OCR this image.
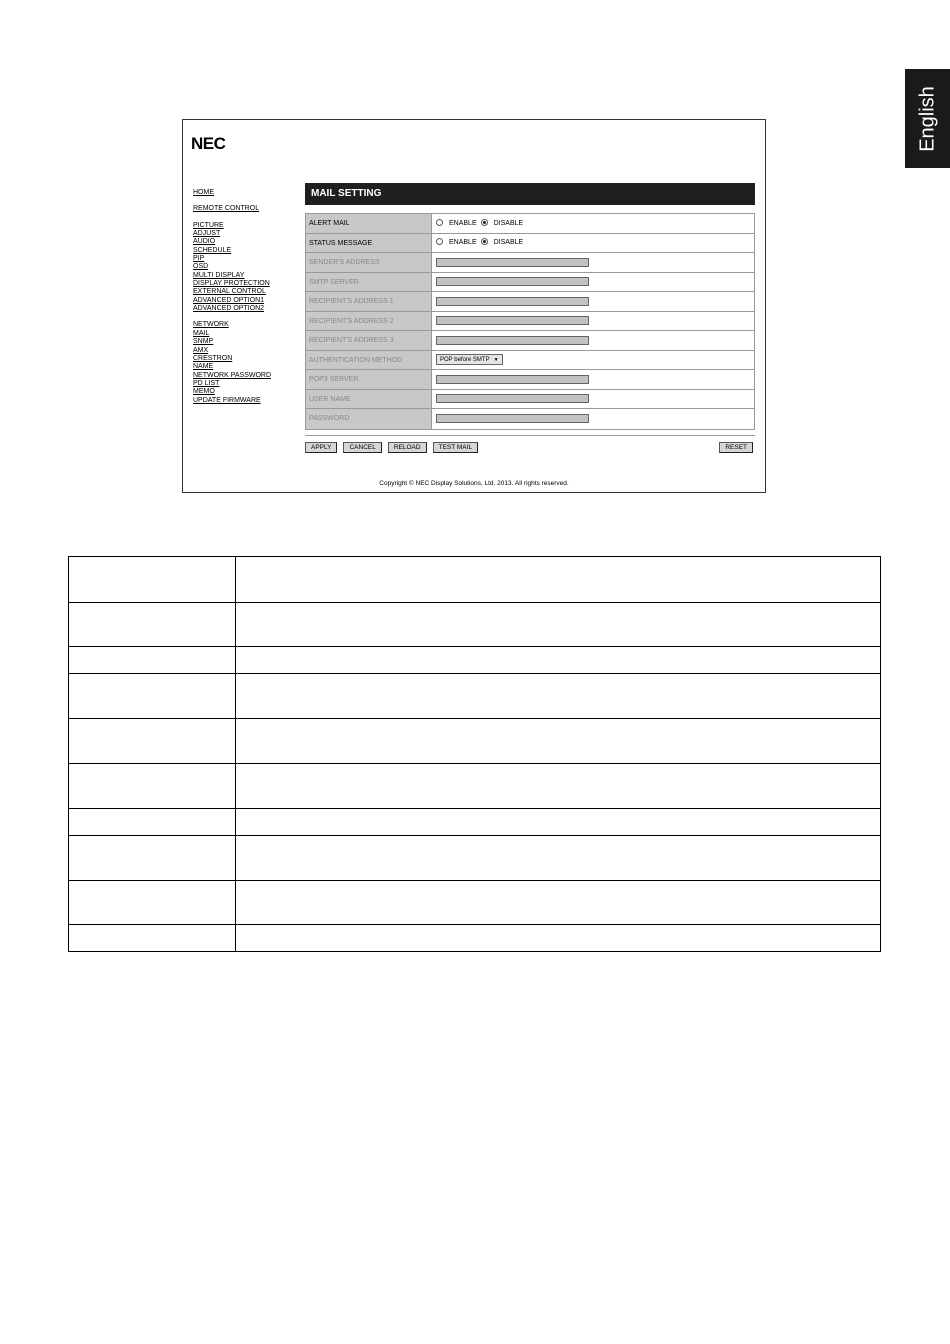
English
NEC
HOME
REMOTE CONTROL
PICTURE
ADJUST
AUDIO
SCHEDULE
PIP
OSD
MULTI DISPLAY
DISPLAY PROTECTION
EXTERNAL CONTROL
ADVANCED OPTION1
ADVANCED OPTION2
NETWORK
MAIL
SNMP
AMX
CRESTRON
NAME
NETWORK PASSWORD
PD LIST
MEMO
UPDATE FIRMWARE
MAIL SETTING
ALERT MAIL	ENABLE DISABLE
STATUS MESSAGE	ENABLE DISABLE
SENDER'S ADDRESS
SMTP SERVER
RECIPIENT'S ADDRESS 1
RECIPIENT'S ADDRESS 2
RECIPIENT'S ADDRESS 3
AUTHENTICATION METHOD	POP before SMTP ▼
POP3 SERVER
USER NAME
PASSWORD
APPLY	CANCEL	RELOAD	TEST MAIL	RESET
Copyright © NEC Display Solutions, Ltd. 2013. All rights reserved.
